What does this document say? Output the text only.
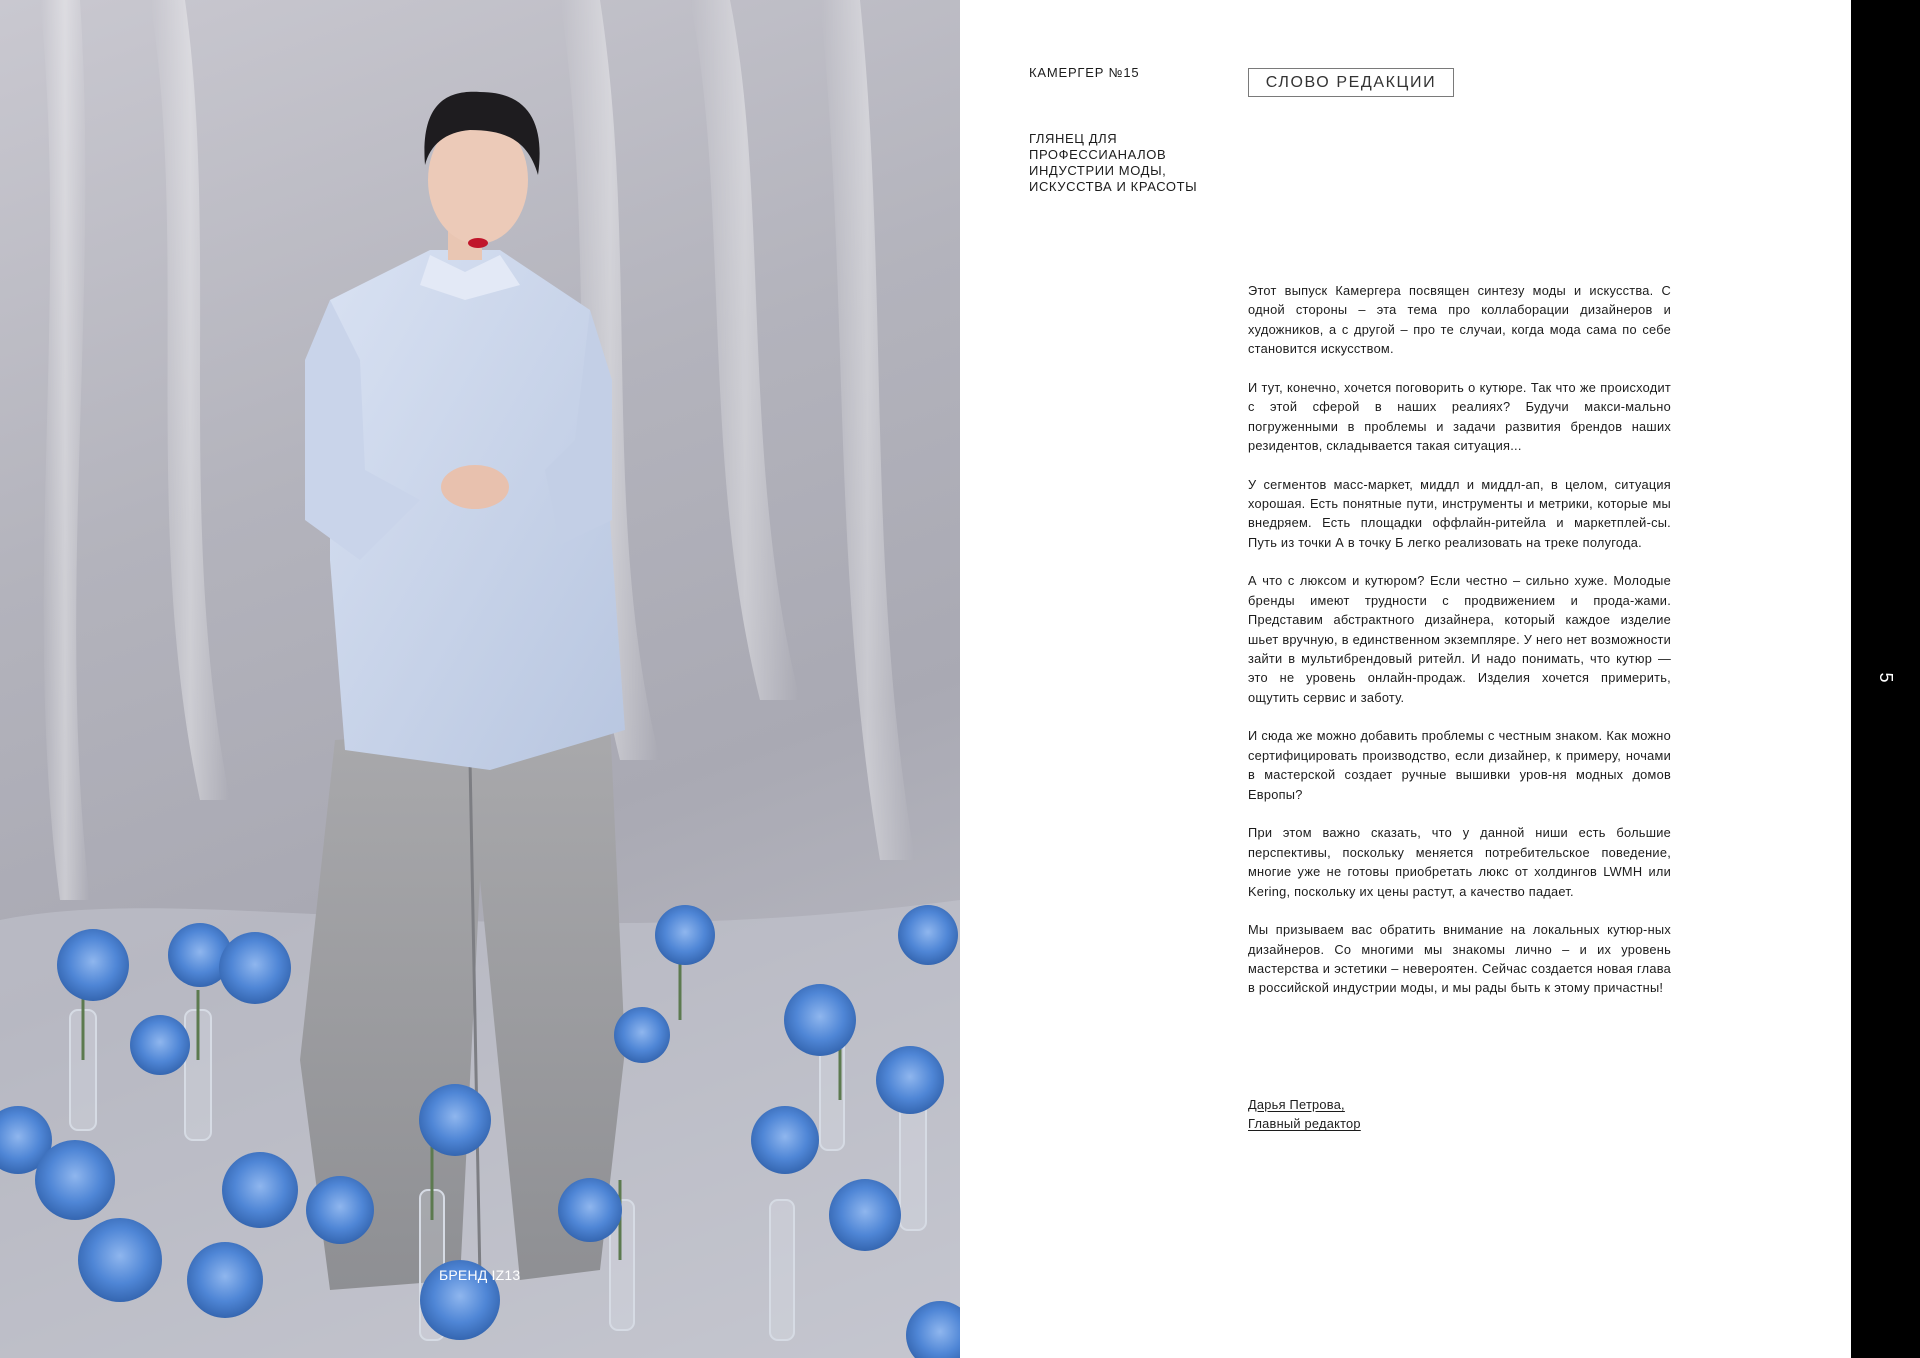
БРЕНД IZ13
КАМЕРГЕР №15
ГЛЯНЕЦ ДЛЯ
ПРОФЕССИАНАЛОВ
ИНДУСТРИИ МОДЫ,
ИСКУССТВА И КРАСОТЫ
СЛОВО РЕДАКЦИИ

Этот выпуск Камергера посвящен синтезу моды и искусства. С одной стороны – эта тема про коллаборации дизайнеров и художников, а с другой – про те случаи, когда мода сама по себе становится искусством.

И тут, конечно, хочется поговорить о кутюре. Так что же происходит с этой сферой в наших реалиях? Будучи макси-мально погруженными в проблемы и задачи развития брендов наших резидентов, складывается такая ситуация...

У сегментов масс-маркет, миддл и миддл-ап, в целом, ситуация хорошая. Есть понятные пути, инструменты и метрики, которые мы внедряем. Есть площадки оффлайн-ритейла и маркетплей-сы. Путь из точки А в точку Б легко реализовать на треке полугода.

А что с люксом и кутюром? Если честно – сильно хуже. Молодые бренды имеют трудности с продвижением и прода-жами. Представим абстрактного дизайнера, который каждое изделие шьет вручную, в единственном экземпляре. У него нет возможности зайти в мультибрендовый ритейл. И надо понимать, что кутюр — это не уровень онлайн-продаж. Изделия хочется примерить, ощутить сервис и заботу.

И сюда же можно добавить проблемы с честным знаком. Как можно сертифицировать производство, если дизайнер, к примеру, ночами в мастерской создает ручные вышивки уров-ня модных домов Европы?

При этом важно сказать, что у данной ниши есть большие перспективы, поскольку меняется потребительское поведение, многие уже не готовы приобретать люкс от холдингов LWMH или Kering, поскольку их цены растут, а качество падает.

Мы призываем вас обратить внимание на локальных кутюр-ных дизайнеров. Со многими мы знакомы лично – и их уровень мастерства и эстетики – невероятен. Сейчас создается новая глава в российской индустрии моды, и мы рады быть к этому причастны!

Дарья Петрова,
Главный редактор
5
